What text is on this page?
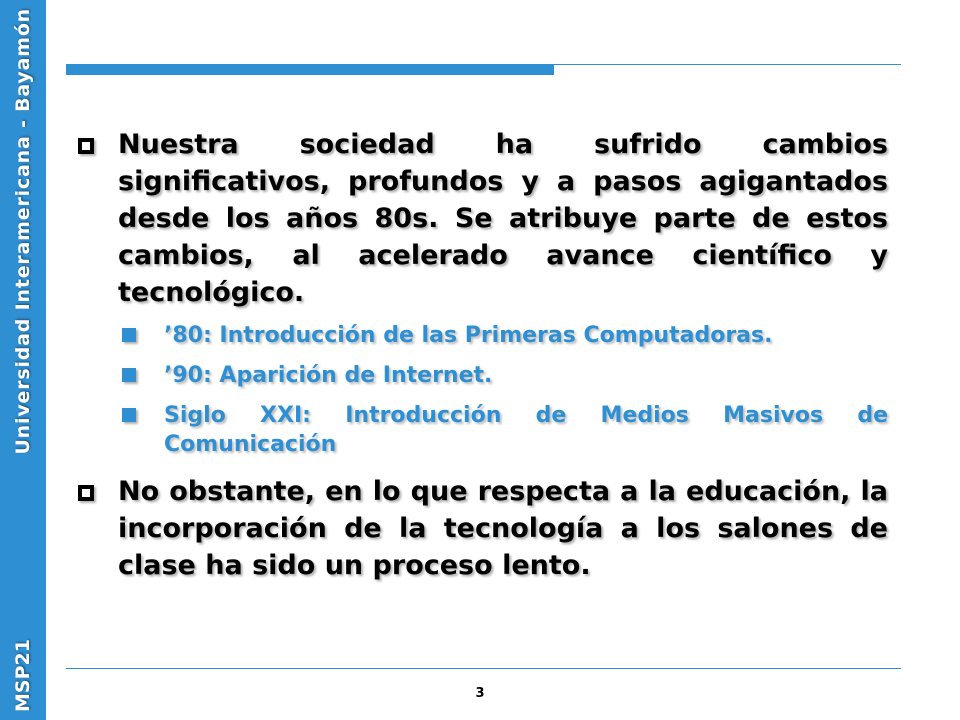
MSP21
Universidad Interamericana - Bayamón	Nuestra sociedad ha sufrido cambios significativos, profundos y a pasos agigantados desde los años 80s. Se atribuye parte de estos cambios, al acelerado avance científico y tecnológico.
’80: Introducción de las Primeras Computadoras.
’90: Aparición de Internet.
Siglo XXI: Introducción de Medios Masivos de Comunicación
No obstante, en lo que respecta a la educación, la incorporación de la tecnología a los salones de clase ha sido un proceso lento.
3
